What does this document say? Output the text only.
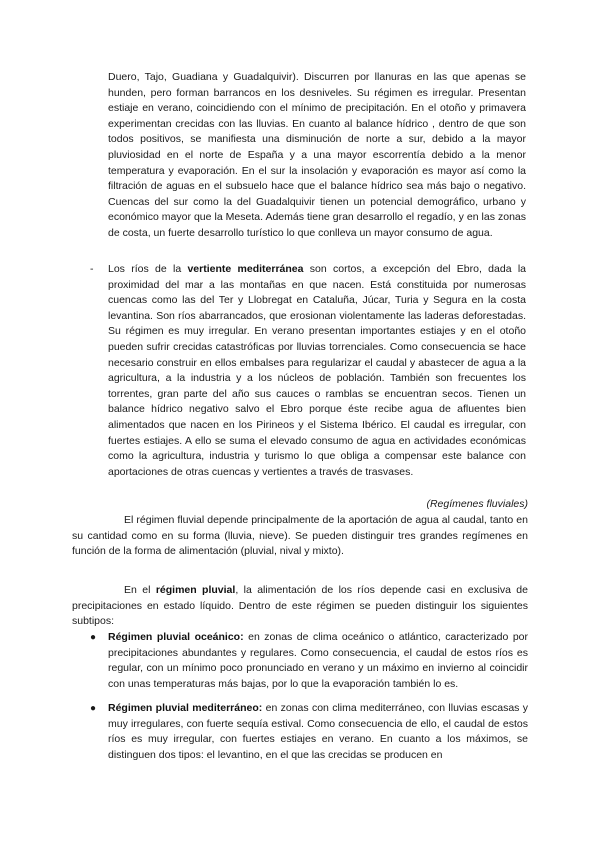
Duero, Tajo, Guadiana y Guadalquivir). Discurren por llanuras en las que apenas se hunden, pero forman barrancos en los desniveles. Su régimen es irregular. Presentan estiaje en verano, coincidiendo con el mínimo de precipitación. En el otoño y primavera experimentan crecidas con las lluvias. En cuanto al balance hídrico , dentro de que son todos positivos, se manifiesta una disminución de norte a sur, debido a la mayor pluviosidad en el norte de España y a una mayor escorrentía debido a la menor temperatura y evaporación. En el sur la insolación y evaporación es mayor así como la filtración de aguas en el subsuelo hace que el balance hídrico sea más bajo o negativo. Cuencas del sur como la del Guadalquivir tienen un potencial demográfico, urbano y económico mayor que la Meseta. Además tiene gran desarrollo el regadío, y en las zonas de costa, un fuerte desarrollo turístico lo que conlleva un mayor consumo de agua.

- Los ríos de la vertiente mediterránea son cortos, a excepción del Ebro, dada la proximidad del mar a las montañas en que nacen. Está constituida por numerosas cuencas como las del Ter y Llobregat en Cataluña, Júcar, Turia y Segura en la costa levantina. Son ríos abarrancados, que erosionan violentamente las laderas deforestadas. Su régimen es muy irregular. En verano presentan importantes estiajes y en el otoño pueden sufrir crecidas catastróficas por lluvias torrenciales. Como consecuencia se hace necesario construir en ellos embalses para regularizar el caudal y abastecer de agua a la agricultura, a la industria y a los núcleos de población. También son frecuentes los torrentes, gran parte del año sus cauces o ramblas se encuentran secos. Tienen un balance hídrico negativo salvo el Ebro porque éste recibe agua de afluentes bien alimentados que nacen en los Pirineos y el Sistema Ibérico. El caudal es irregular, con fuertes estiajes. A ello se suma el elevado consumo de agua en actividades económicas como la agricultura, industria y turismo lo que obliga a compensar este balance con aportaciones de otras cuencas y vertientes a través de trasvases.

(Regímenes fluviales)

El régimen fluvial depende principalmente de la aportación de agua al caudal, tanto en su cantidad como en su forma (lluvia, nieve). Se pueden distinguir tres grandes regímenes en función de la forma de alimentación (pluvial, nival y mixto).

En el régimen pluvial, la alimentación de los ríos depende casi en exclusiva de precipitaciones en estado líquido. Dentro de este régimen se pueden distinguir los siguientes subtipos:

● Régimen pluvial oceánico: en zonas de clima oceánico o atlántico, caracterizado por precipitaciones abundantes y regulares. Como consecuencia, el caudal de estos ríos es regular, con un mínimo poco pronunciado en verano y un máximo en invierno al coincidir con unas temperaturas más bajas, por lo que la evaporación también lo es.

● Régimen pluvial mediterráneo: en zonas con clima mediterráneo, con lluvias escasas y muy irregulares, con fuerte sequía estival. Como consecuencia de ello, el caudal de estos ríos es muy irregular, con fuertes estiajes en verano. En cuanto a los máximos, se distinguen dos tipos: el levantino, en el que las crecidas se producen en
